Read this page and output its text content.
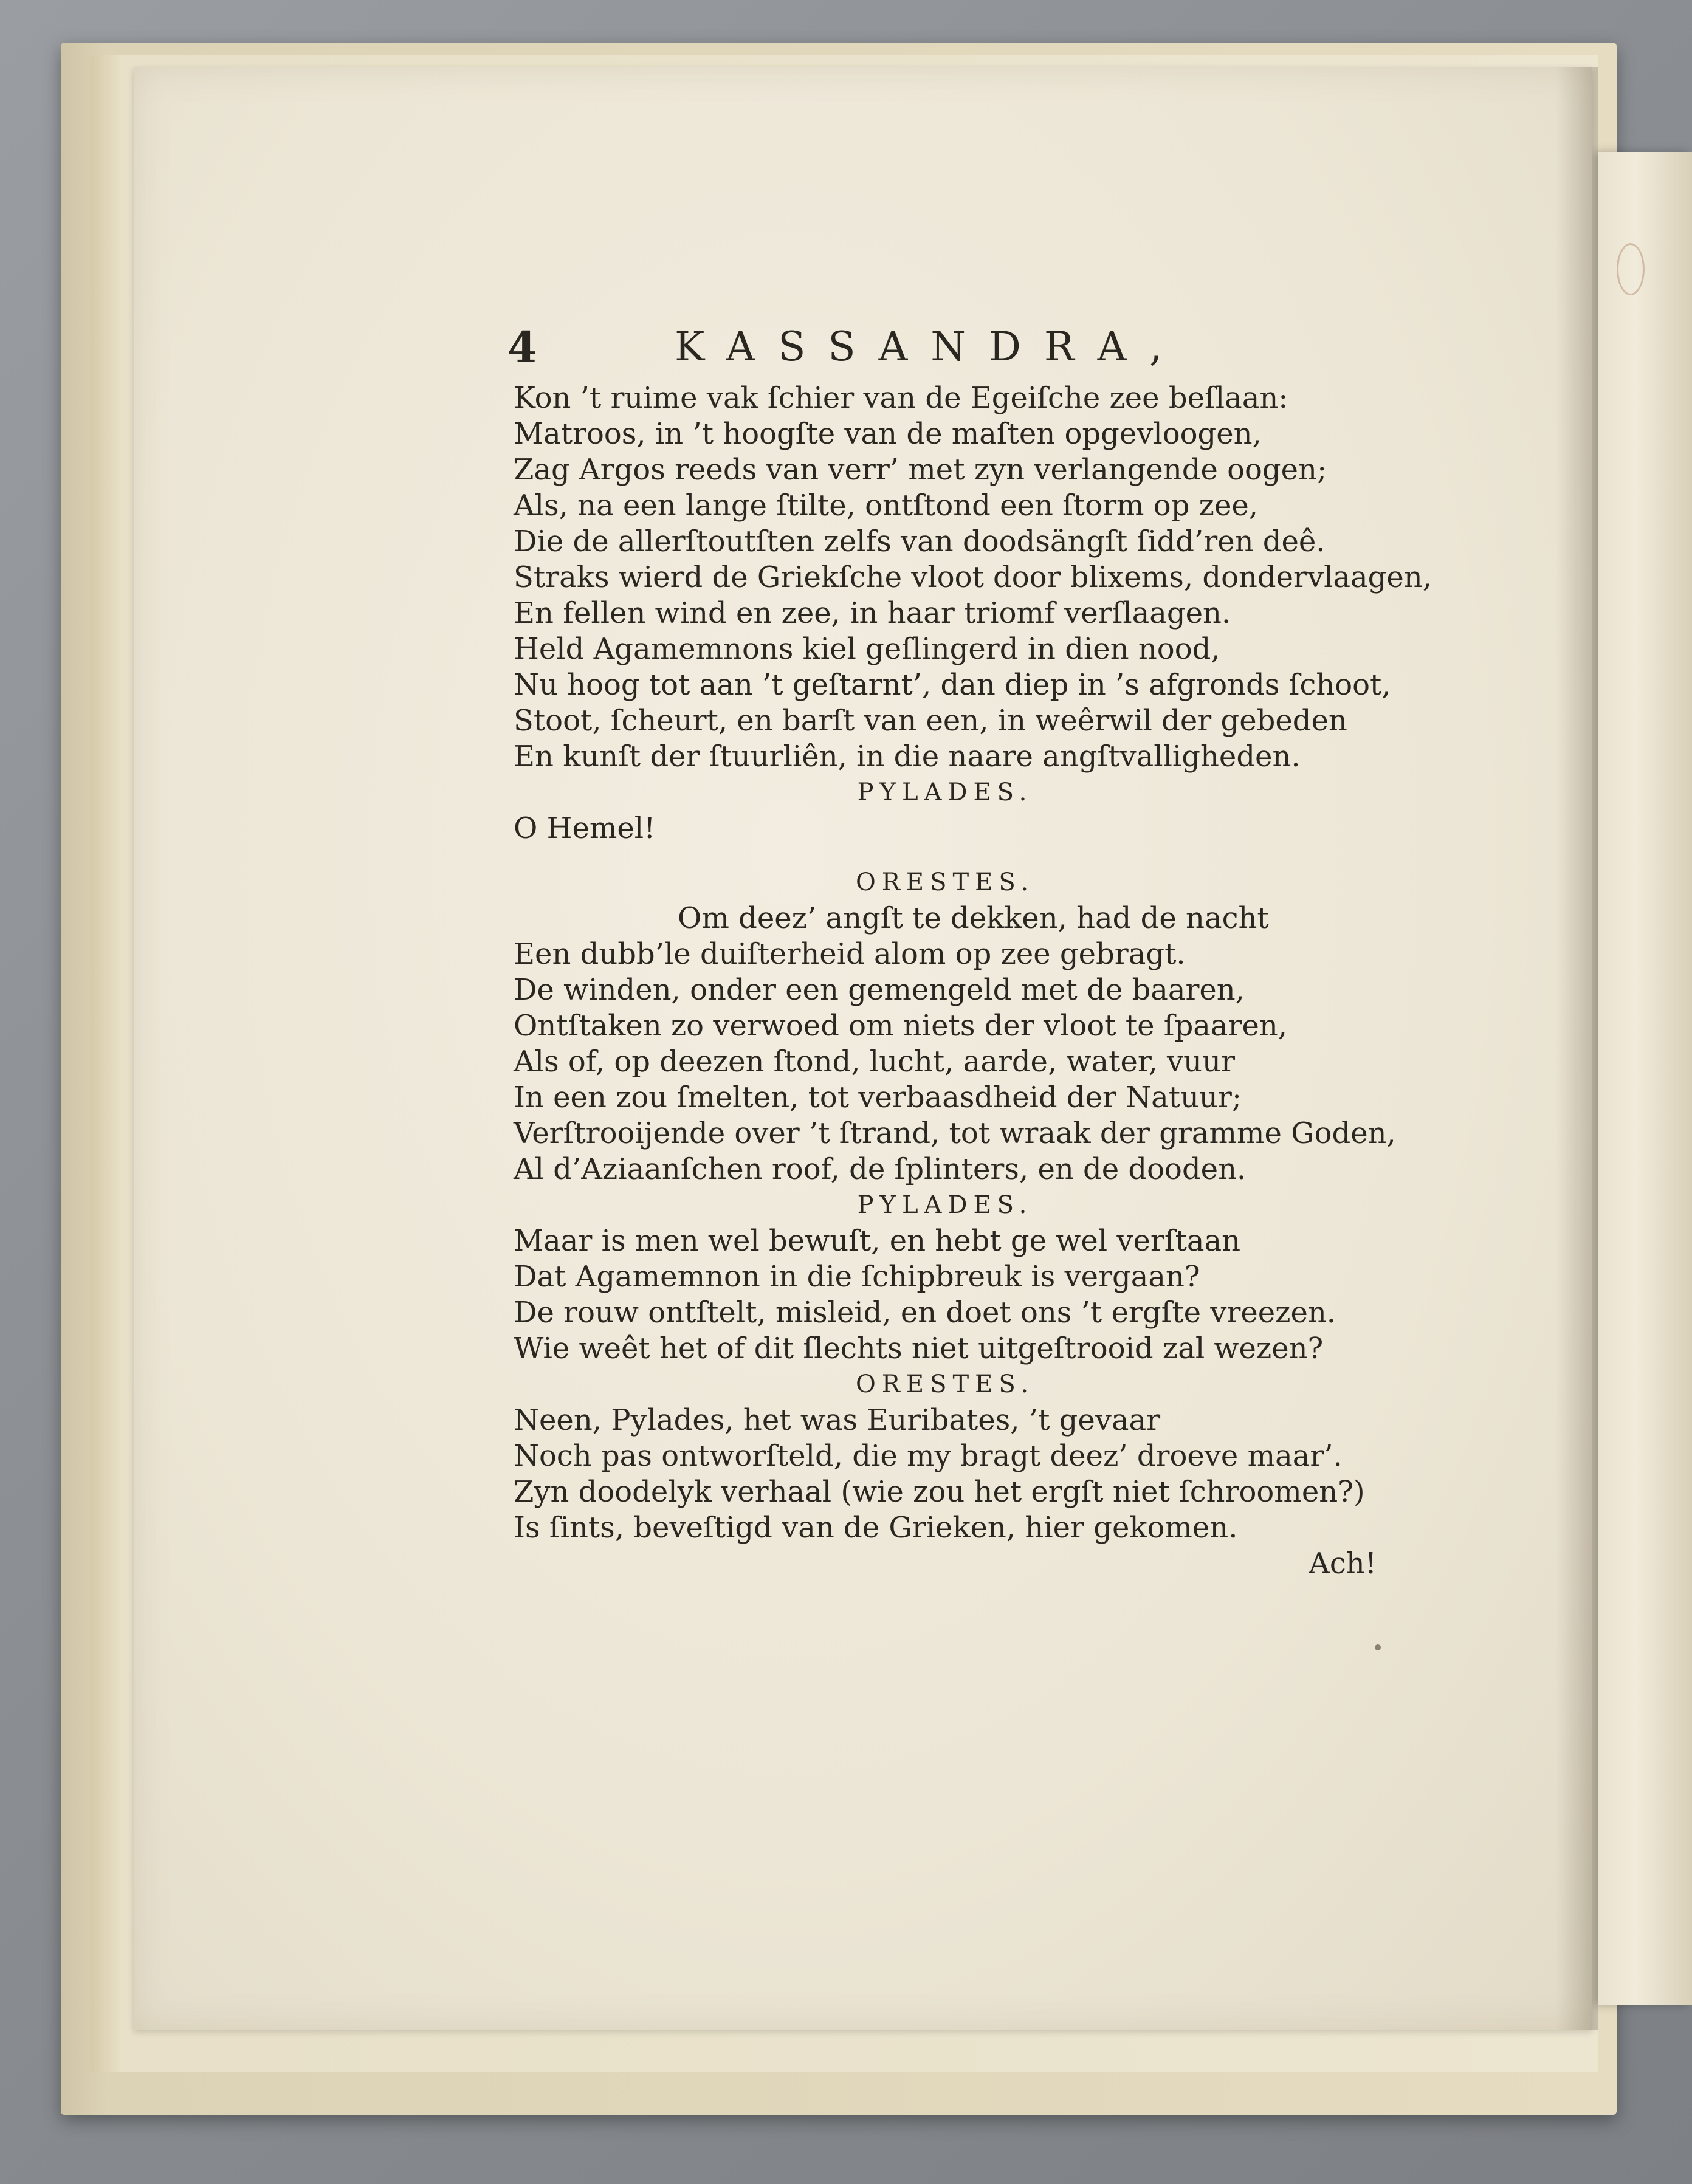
4	KASSANDRA,
Kon ’t ruime vak ſchier van de Egeiſche zee beſlaan:
Matroos, in ’t hoogſte van de maſten opgevloogen,
Zag Argos reeds van verr’ met zyn verlangende oogen;
Als, na een lange ſtilte, ontſtond een ſtorm op zee,
Die de allerſtoutſten zelfs van doodsängſt ſidd’ren deê.
Straks wierd de Griekſche vloot door blixems, dondervlaagen,
En fellen wind en zee, in haar triomf verſlaagen.
Held Agamemnons kiel geſlingerd in dien nood,
Nu hoog tot aan ’t geſtarnt’, dan diep in ’s afgronds ſchoot,
Stoot, ſcheurt, en barſt van een, in weêrwil der gebeden
En kunſt der ſtuurliên, in die naare angſtvalligheden.
PYLADES.
O Hemel!
ORESTES.
Om deez’ angſt te dekken, had de nacht
Een dubb’le duiſterheid alom op zee gebragt.
De winden, onder een gemengeld met de baaren,
Ontſtaken zo verwoed om niets der vloot te ſpaaren,
Als of, op deezen ſtond, lucht, aarde, water, vuur
In een zou ſmelten, tot verbaasdheid der Natuur;
Verſtrooijende over ’t ſtrand, tot wraak der gramme Goden,
Al d’Aziaanſchen roof, de ſplinters, en de dooden.
PYLADES.
Maar is men wel bewuſt, en hebt ge wel verſtaan
Dat Agamemnon in die ſchipbreuk is vergaan?
De rouw ontſtelt, misleid, en doet ons ’t ergſte vreezen.
Wie weêt het of dit ſlechts niet uitgeſtrooid zal wezen?
ORESTES.
Neen, Pylades, het was Euribates, ’t gevaar
Noch pas ontworſteld, die my bragt deez’ droeve maar’.
Zyn doodelyk verhaal (wie zou het ergſt niet ſchroomen?)
Is ſints, beveſtigd van de Grieken, hier gekomen.
Ach!
